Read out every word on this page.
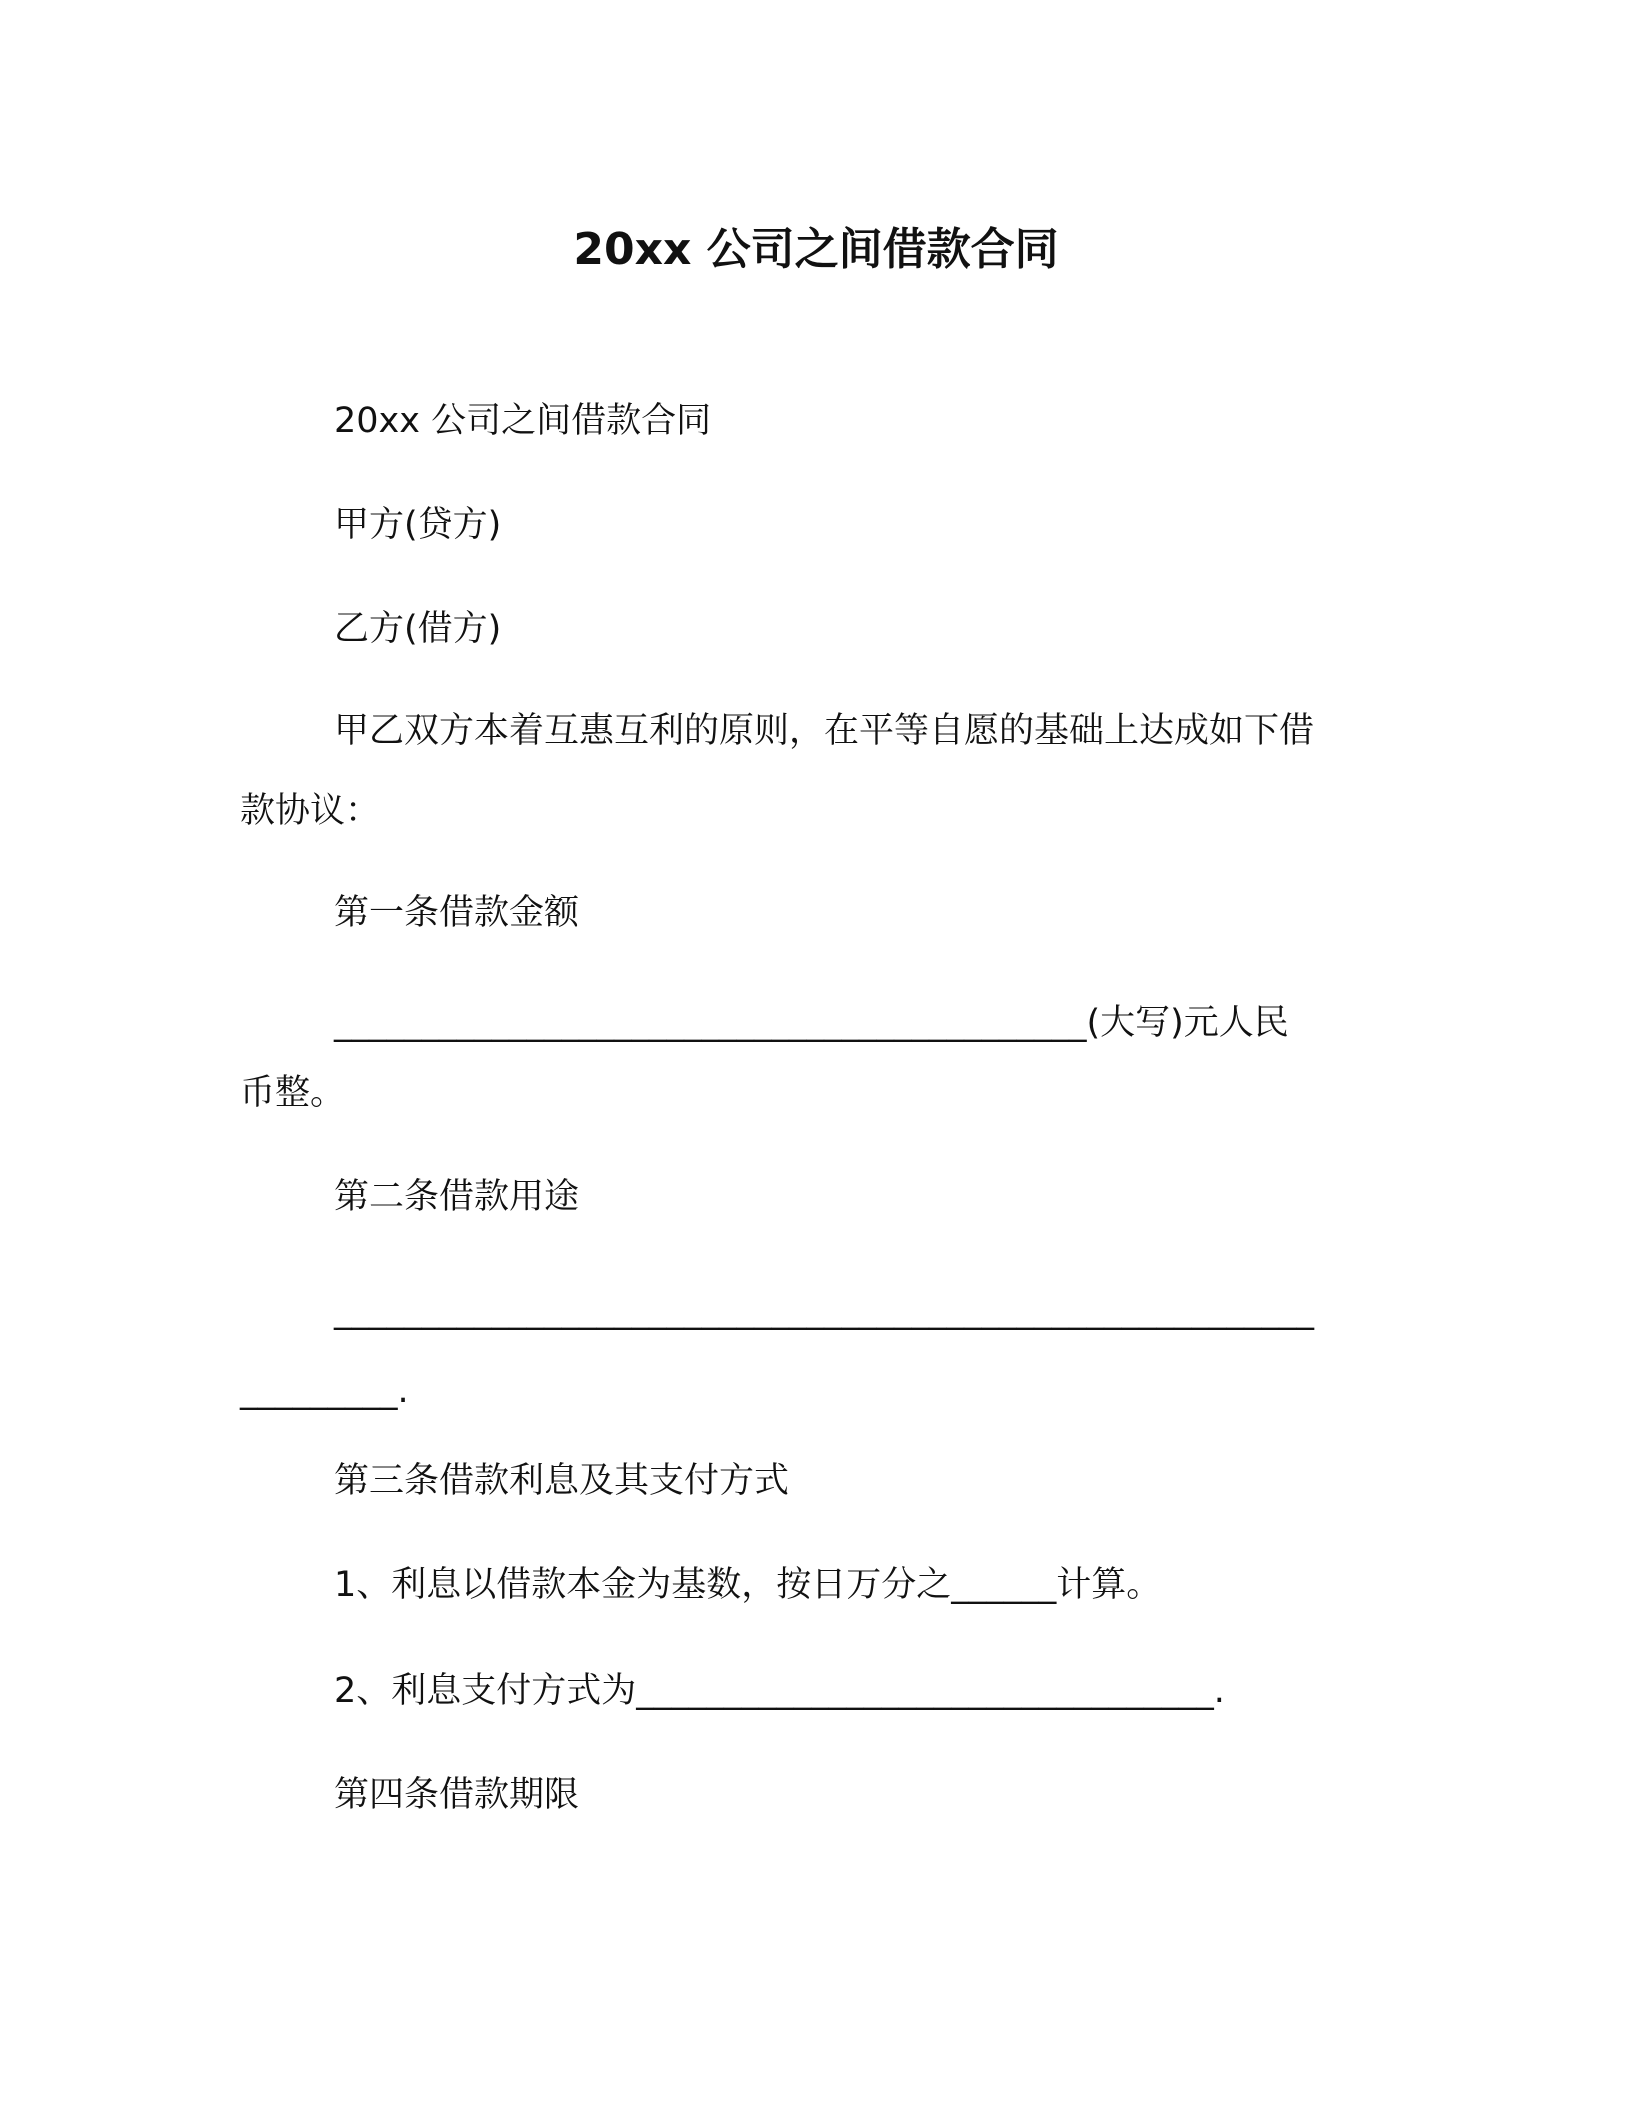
20xx 公司之间借款合同
20xx 公司之间借款合同
甲方(贷方)
乙方(借方)
甲乙双方本着互惠互利的原则，在平等自愿的基础上达成如下借
款协议：
第一条借款金额
___________________________________________(大写)元人民
币整。
第二条借款用途
________________________________________________________
_________.
第三条借款利息及其支付方式
1、利息以借款本金为基数，按日万分之______计算。
2、利息支付方式为_________________________________.
第四条借款期限
